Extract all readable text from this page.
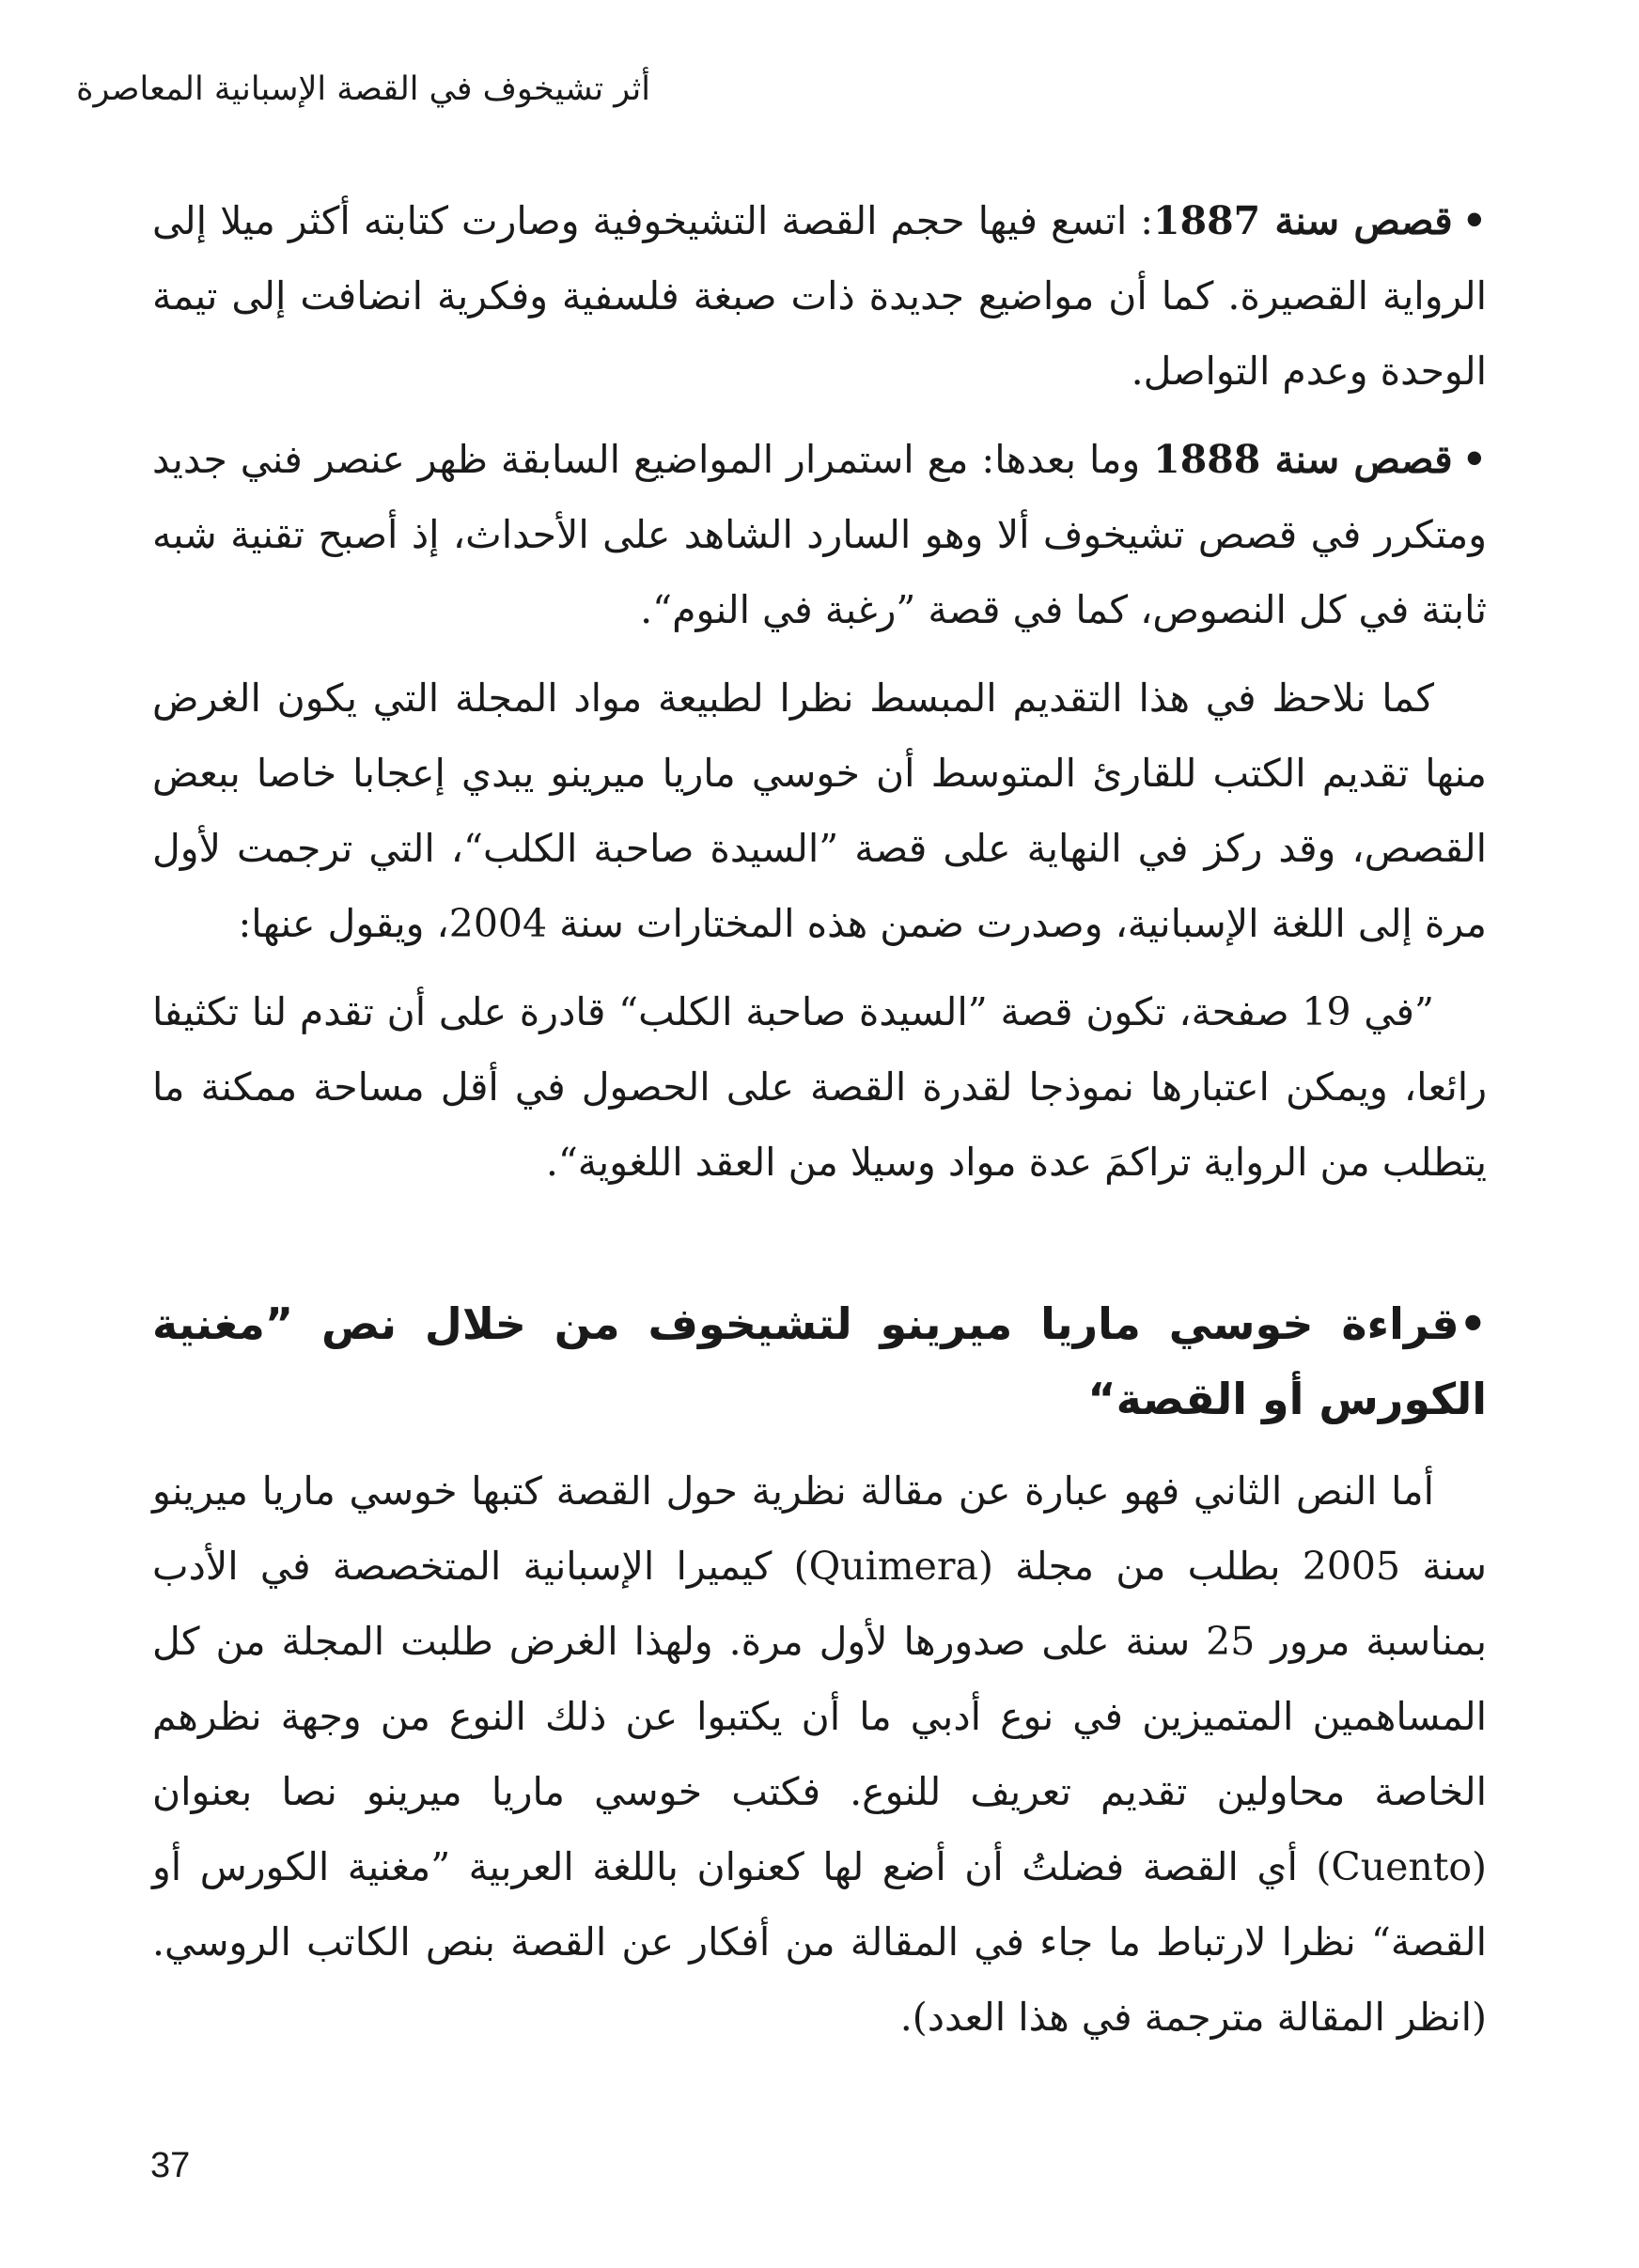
أثر تشيخوف في القصة الإسبانية المعاصرة

•قصص سنة 1887: اتسع فيها حجم القصة التشيخوفية وصارت كتابته أكثر ميلا إلى الرواية القصيرة. كما أن مواضيع جديدة ذات صبغة فلسفية وفكرية انضافت إلى تيمة الوحدة وعدم التواصل.

•قصص سنة 1888 وما بعدها: مع استمرار المواضيع السابقة ظهر عنصر فني جديد ومتكرر في قصص تشيخوف ألا وهو السارد الشاهد على الأحداث، إذ أصبح تقنية شبه ثابتة في كل النصوص، كما في قصة ”رغبة في النوم“.

كما نلاحظ في هذا التقديم المبسط نظرا لطبيعة مواد المجلة التي يكون الغرض منها تقديم الكتب للقارئ المتوسط أن خوسي ماريا ميرينو يبدي إعجابا خاصا ببعض القصص، وقد ركز في النهاية على قصة ”السيدة صاحبة الكلب“، التي ترجمت لأول مرة إلى اللغة الإسبانية، وصدرت ضمن هذه المختارات سنة 2004، ويقول عنها:

”في 19 صفحة، تكون قصة ”السيدة صاحبة الكلب“ قادرة على أن تقدم لنا تكثيفا رائعا، ويمكن اعتبارها نموذجا لقدرة القصة على الحصول في أقل مساحة ممكنة ما يتطلب من الرواية تراكمَ عدة مواد وسيلا من العقد اللغوية“.

•قراءة خوسي ماريا ميرينو لتشيخوف من خلال نص ”مغنية الكورس أو القصة“

أما النص الثاني فهو عبارة عن مقالة نظرية حول القصة كتبها خوسي ماريا ميرينو سنة 2005 بطلب من مجلة (Quimera) كيميرا الإسبانية المتخصصة في الأدب بمناسبة مرور 25 سنة على صدورها لأول مرة. ولهذا الغرض طلبت المجلة من كل المساهمين المتميزين في نوع أدبي ما أن يكتبوا عن ذلك النوع من وجهة نظرهم الخاصة محاولين تقديم تعريف للنوع. فكتب خوسي ماريا ميرينو نصا بعنوان (Cuento) أي القصة فضلتُ أن أضع لها كعنوان باللغة العربية ”مغنية الكورس أو القصة“ نظرا لارتباط ما جاء في المقالة من أفكار عن القصة بنص الكاتب الروسي. (انظر المقالة مترجمة في هذا العدد).

37
